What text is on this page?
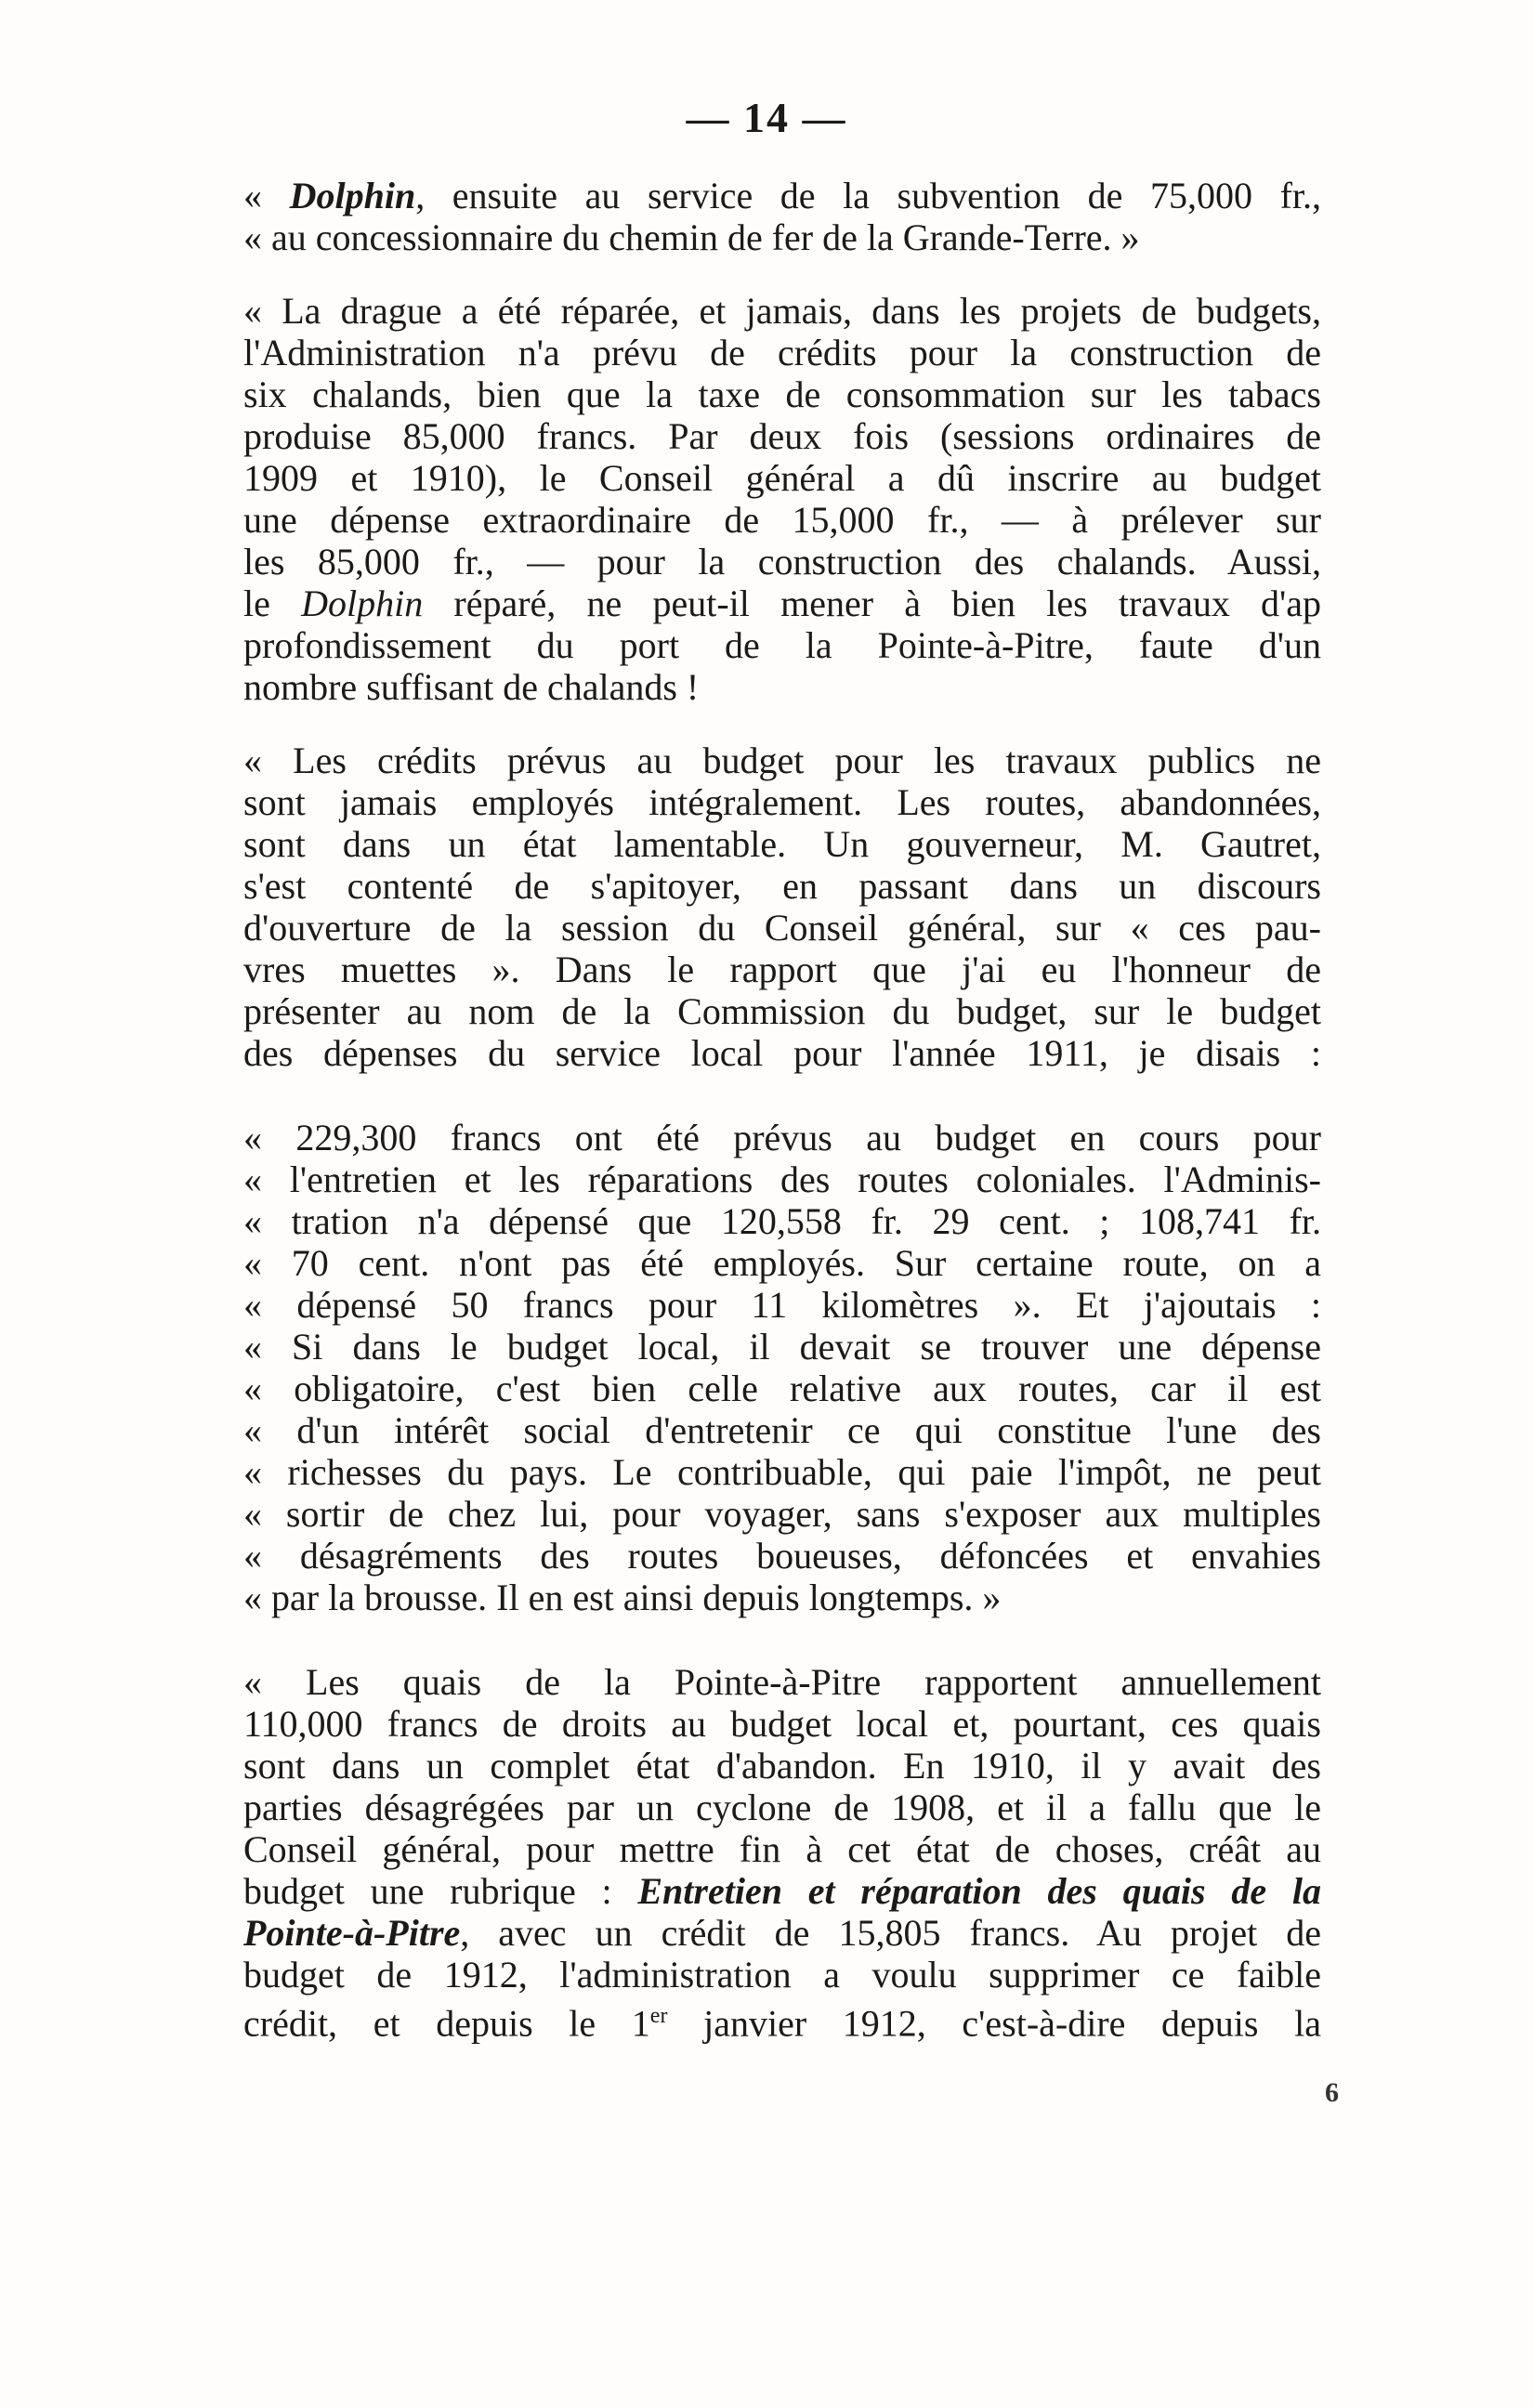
— 14 —
« Dolphin, ensuite au service de la subvention de 75,000 fr.,
« au concessionnaire du chemin de fer de la Grande-Terre. »
« La drague a été réparée, et jamais, dans les projets de budgets,
l'Administration n'a prévu de crédits pour la construction de
six chalands, bien que la taxe de consommation sur les tabacs
produise 85,000 francs. Par deux fois (sessions ordinaires de
1909 et 1910), le Conseil général a dû inscrire au budget
une dépense extraordinaire de 15,000 fr., — à prélever sur
les 85,000 fr., — pour la construction des chalands. Aussi,
le Dolphin réparé, ne peut-il mener à bien les travaux d'ap
profondissement du port de la Pointe-à-Pitre, faute d'un
nombre suffisant de chalands !
« Les crédits prévus au budget pour les travaux publics ne
sont jamais employés intégralement. Les routes, abandonnées,
sont dans un état lamentable. Un gouverneur, M. Gautret,
s'est contenté de s'apitoyer, en passant dans un discours
d'ouverture de la session du Conseil général, sur « ces pau-
vres muettes ». Dans le rapport que j'ai eu l'honneur de
présenter au nom de la Commission du budget, sur le budget
des dépenses du service local pour l'année 1911, je disais :
« 229,300 francs ont été prévus au budget en cours pour
« l'entretien et les réparations des routes coloniales. l'Adminis-
« tration n'a dépensé que 120,558 fr. 29 cent. ; 108,741 fr.
« 70 cent. n'ont pas été employés. Sur certaine route, on a
« dépensé 50 francs pour 11 kilomètres ». Et j'ajoutais :
« Si dans le budget local, il devait se trouver une dépense
« obligatoire, c'est bien celle relative aux routes, car il est
« d'un intérêt social d'entretenir ce qui constitue l'une des
« richesses du pays. Le contribuable, qui paie l'impôt, ne peut
« sortir de chez lui, pour voyager, sans s'exposer aux multiples
« désagréments des routes boueuses, défoncées et envahies
« par la brousse. Il en est ainsi depuis longtemps. »
« Les quais de la Pointe-à-Pitre rapportent annuellement
110,000 francs de droits au budget local et, pourtant, ces quais
sont dans un complet état d'abandon. En 1910, il y avait des
parties désagrégées par un cyclone de 1908, et il a fallu que le
Conseil général, pour mettre fin à cet état de choses, créât au
budget une rubrique : Entretien et réparation des quais de la
Pointe-à-Pitre, avec un crédit de 15,805 francs. Au projet de
budget de 1912, l'administration a voulu supprimer ce faible
crédit, et depuis le 1er janvier 1912, c'est-à-dire depuis la
6
